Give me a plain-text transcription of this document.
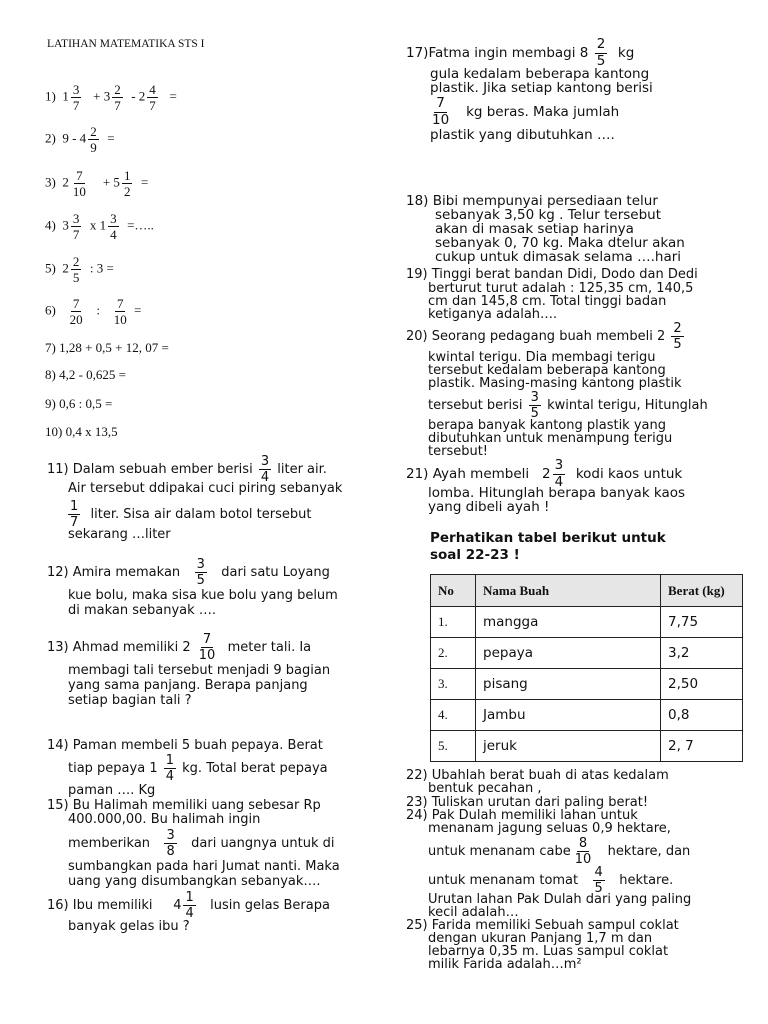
LATIHAN MATEMATIKA STS I
1) $1 \frac{3}{7} + 3 \frac{2}{7} - 2 \frac{4}{7}$ =
2) $9 - 4 \frac{2}{9}$ =
3) $2 \frac{7}{10} + 5 \frac{1}{2}$ =
4) $3 \frac{3}{7}$ x $1 \frac{3}{4}$ =…..
5) $2 \frac{2}{5}$ : 3 =
$6) \frac{7}{20}$ : $\frac{7}{10}$ =
7) 1,28 + 0,5 + 12, 07 =
8) 4,2 - 0,625 =
9) 0,6 : 0,5 =
10) 0,4 x 13,5
11) Dalam sebuah ember berisi $\frac{3}{4}$ liter air.
Air tersebut ddipakai cuci piring sebanyak
$\frac{1}{7}$ liter. Sisa air dalam botol tersebut
sekarang …liter
12) Amira memakan $\frac{3}{5}$ dari satu Loyang
kue bolu, maka sisa kue bolu yang belum
di makan sebanyak ….
13) Ahmad memiliki $2 \frac{7}{10}$ meter tali. Ia
membagi tali tersebut menjadi 9 bagian
yang sama panjang. Berapa panjang
setiap bagian tali ?
14) Paman membeli 5 buah pepaya. Berat
tiap pepaya $1 \frac{1}{4}$ kg. Total berat pepaya
paman …. Kg
15) Bu Halimah memiliki uang sebesar Rp
400.000,00. Bu halimah ingin
memberikan $\frac{3}{8}$ dari uangnya untuk di
sumbangkan pada hari Jumat nanti. Maka
uang yang disumbangkan sebanyak….
16) Ibu memiliki $4 \frac{1}{4}$ lusin gelas Berapa
banyak gelas ibu ?
17)Fatma ingin membagi $8 \frac{2}{5}$ kg
gula kedalam beberapa kantong
plastik. Jika setiap kantong berisi
$\frac{7}{10}$ kg beras. Maka jumlah
plastik yang dibutuhkan ….
18) Bibi mempunyai persediaan telur
sebanyak 3,50 kg . Telur tersebut
akan di masak setiap harinya
sebanyak 0, 70 kg. Maka dtelur akan
cukup untuk dimasak selama ….hari
19) Tinggi berat bandan Didi, Dodo dan Dedi
berturut turut adalah : 125,35 cm, 140,5
cm dan 145,8 cm. Total tinggi badan
ketiganya adalah….
20) Seorang pedagang buah membeli $2 \frac{2}{5}$
kwintal terigu. Dia membagi terigu
tersebut kedalam beberapa kantong
plastik. Masing-masing kantong plastik
tersebut berisi $\frac{3}{5}$ kwintal terigu, Hitunglah
berapa banyak kantong plastik yang
dibutuhkan untuk menampung terigu
tersebut!
21) Ayah membeli $2 \frac{3}{4}$ kodi kaos untuk
lomba. Hitunglah berapa banyak kaos
yang dibeli ayah !
Perhatikan tabel berikut untuk
soal 22-23 !
No	Nama Buah	Berat (kg)
1.	mangga	7,75
2.	pepaya	3,2
3.	pisang	2,50
4.	Jambu	0,8
5.	jeruk	2, 7
22) Ubahlah berat buah di atas kedalam
bentuk pecahan ,
23) Tuliskan urutan dari paling berat!
24) Pak Dulah memiliki lahan untuk
menanam jagung seluas 0,9 hektare,
untuk menanam cabe $\frac{8}{10}$ hektare, dan
untuk menanam tomat $\frac{4}{5}$ hektare.
Urutan lahan Pak Dulah dari yang paling
kecil adalah…
25) Farida memiliki Sebuah sampul coklat
dengan ukuran Panjang 1,7 m dan
lebarnya 0,35 m. Luas sampul coklat
milik Farida adalah…m²
